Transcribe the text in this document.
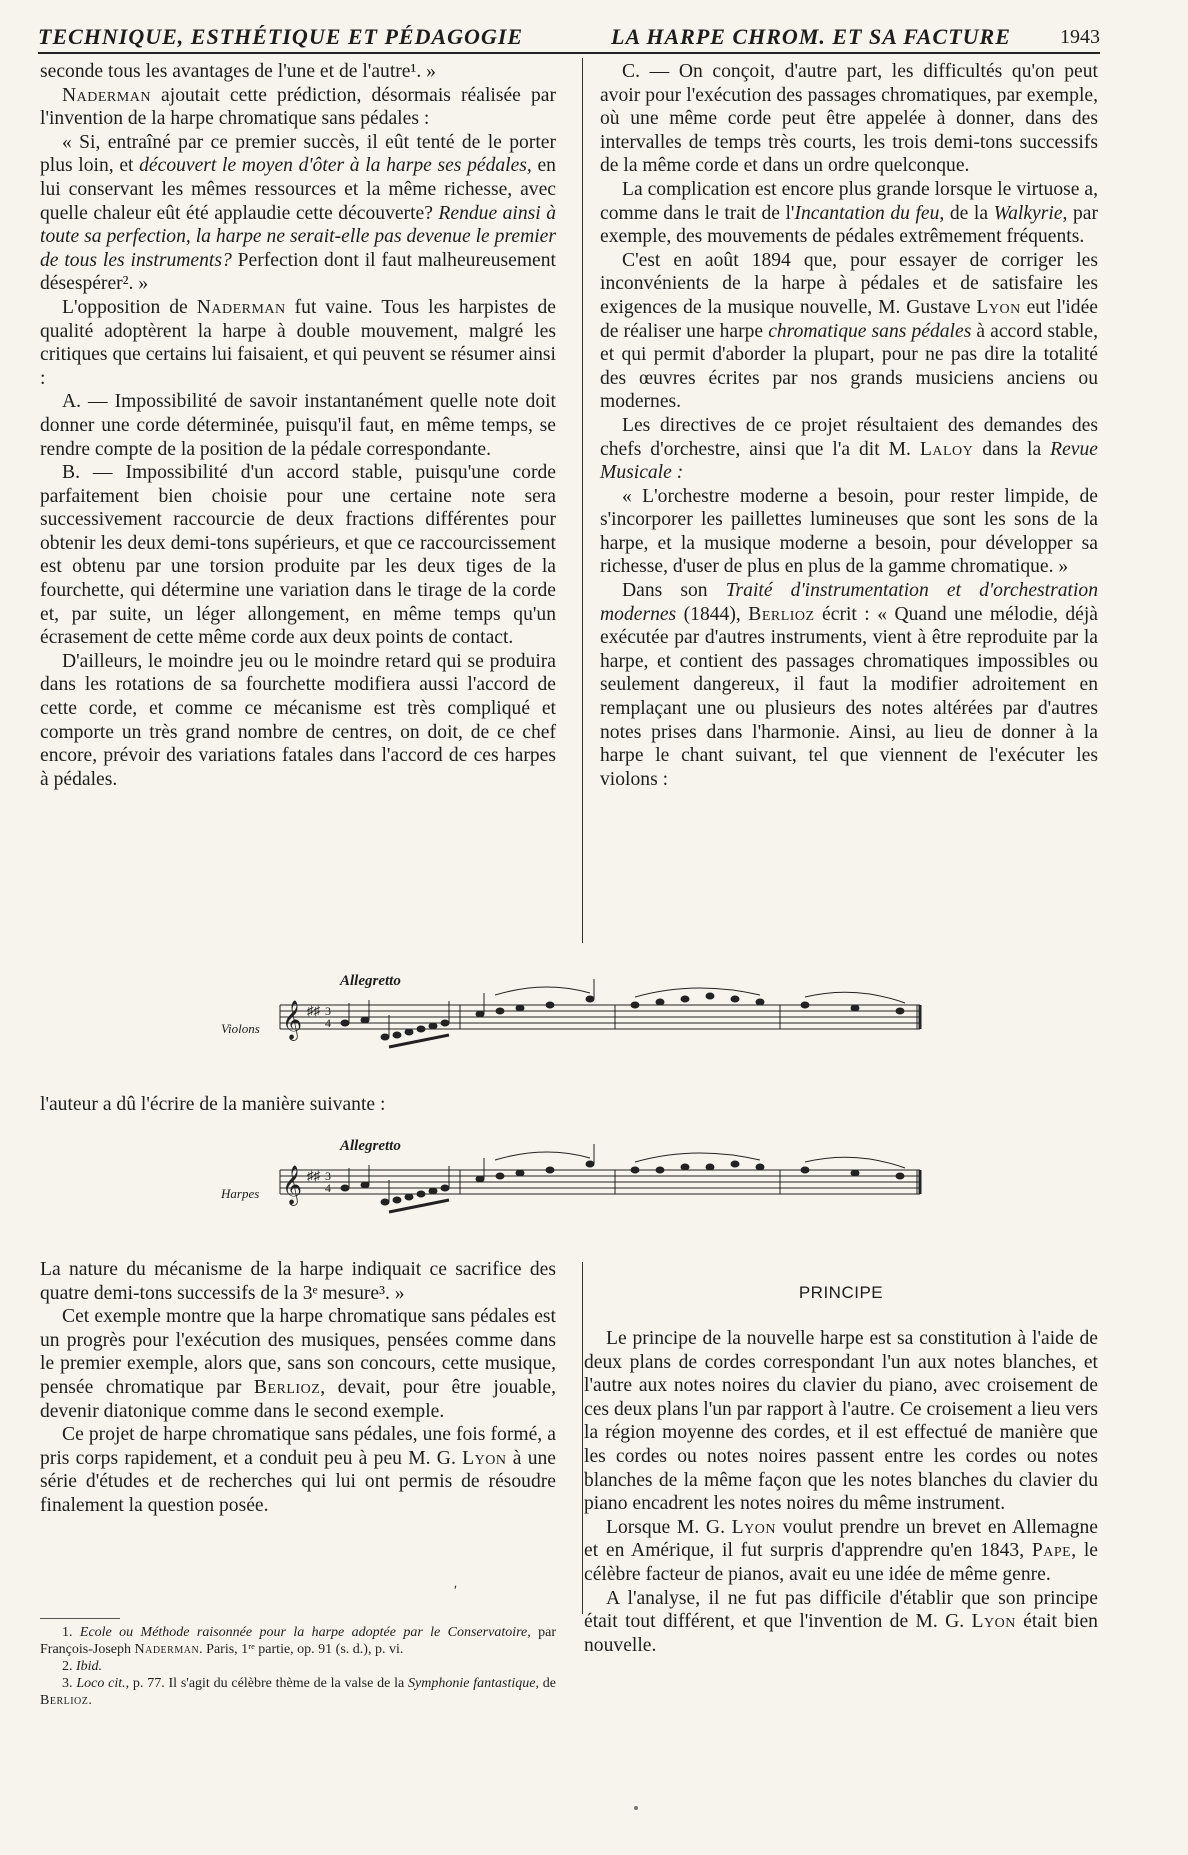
TECHNIQUE, ESTHÉTIQUE ET PÉDAGOGIE	LA HARPE CHROM. ET SA FACTURE 1943

seconde tous les avantages de l'une et de l'autre¹. »

Naderman ajoutait cette prédiction, désormais réalisée par l'invention de la harpe chromatique sans pédales :

« Si, entraîné par ce premier succès, il eût tenté de le porter plus loin, et découvert le moyen d'ôter à la harpe ses pédales, en lui conservant les mêmes ressources et la même richesse, avec quelle chaleur eût été applaudie cette découverte? Rendue ainsi à toute sa perfection, la harpe ne serait-elle pas devenue le premier de tous les instruments? Perfection dont il faut malheureusement désespérer². »

L'opposition de Naderman fut vaine. Tous les harpistes de qualité adoptèrent la harpe à double mouvement, malgré les critiques que certains lui faisaient, et qui peuvent se résumer ainsi :

A. — Impossibilité de savoir instantanément quelle note doit donner une corde déterminée, puisqu'il faut, en même temps, se rendre compte de la position de la pédale correspondante.

B. — Impossibilité d'un accord stable, puisqu'une corde parfaitement bien choisie pour une certaine note sera successivement raccourcie de deux fractions différentes pour obtenir les deux demi-tons supérieurs, et que ce raccourcissement est obtenu par une torsion produite par les deux tiges de la fourchette, qui détermine une variation dans le tirage de la corde et, par suite, un léger allongement, en même temps qu'un écrasement de cette même corde aux deux points de contact.

D'ailleurs, le moindre jeu ou le moindre retard qui se produira dans les rotations de sa fourchette modifiera aussi l'accord de cette corde, et comme ce mécanisme est très compliqué et comporte un très grand nombre de centres, on doit, de ce chef encore, prévoir des variations fatales dans l'accord de ces harpes à pédales.

C. — On conçoit, d'autre part, les difficultés qu'on peut avoir pour l'exécution des passages chromatiques, par exemple, où une même corde peut être appelée à donner, dans des intervalles de temps très courts, les trois demi-tons successifs de la même corde et dans un ordre quelconque.

La complication est encore plus grande lorsque le virtuose a, comme dans le trait de l'Incantation du feu, de la Walkyrie, par exemple, des mouvements de pédales extrêmement fréquents.

C'est en août 1894 que, pour essayer de corriger les inconvénients de la harpe à pédales et de satisfaire les exigences de la musique nouvelle, M. Gustave Lyon eut l'idée de réaliser une harpe chromatique sans pédales à accord stable, et qui permit d'aborder la plupart, pour ne pas dire la totalité des œuvres écrites par nos grands musiciens anciens ou modernes.

Les directives de ce projet résultaient des demandes des chefs d'orchestre, ainsi que l'a dit M. Laloy dans la Revue Musicale :

« L'orchestre moderne a besoin, pour rester limpide, de s'incorporer les paillettes lumineuses que sont les sons de la harpe, et la musique moderne a besoin, pour développer sa richesse, d'user de plus en plus de la gamme chromatique. »

Dans son Traité d'instrumentation et d'orchestration modernes (1844), Berlioz écrit : « Quand une mélodie, déjà exécutée par d'autres instruments, vient à être reproduite par la harpe, et contient des passages chromatiques impossibles ou seulement dangereux, il faut la modifier adroitement en remplaçant une ou plusieurs des notes altérées par d'autres notes prises dans l'harmonie. Ainsi, au lieu de donner à la harpe le chant suivant, tel que viennent de l'exécuter les violons :

Allegretto
Violons 𝄞 ♯♯ 3
4
l'auteur a dû l'écrire de la manière suivante :
Allegretto
Harpes 𝄞 ♯♯ 3
4

La nature du mécanisme de la harpe indiquait ce sacrifice des quatre demi-tons successifs de la 3ᵉ mesure³. »

Cet exemple montre que la harpe chromatique sans pédales est un progrès pour l'exécution des musiques, pensées comme dans le premier exemple, alors que, sans son concours, cette musique, pensée chromatique par Berlioz, devait, pour être jouable, devenir diatonique comme dans le second exemple.

Ce projet de harpe chromatique sans pédales, une fois formé, a pris corps rapidement, et a conduit peu à peu M. G. Lyon à une série d'études et de recherches qui lui ont permis de résoudre finalement la question posée.

ʹ

1. Ecole ou Méthode raisonnée pour la harpe adoptée par le Conservatoire, par François-Joseph Naderman. Paris, 1ʳᵉ partie, op. 91 (s. d.), p. vi.

2. Ibid.

3. Loco cit., p. 77. Il s'agit du célèbre thème de la valse de la Symphonie fantastique, de Berlioz.

PRINCIPE

Le principe de la nouvelle harpe est sa constitution à l'aide de deux plans de cordes correspondant l'un aux notes blanches, et l'autre aux notes noires du clavier du piano, avec croisement de ces deux plans l'un par rapport à l'autre. Ce croisement a lieu vers la région moyenne des cordes, et il est effectué de manière que les cordes ou notes noires passent entre les cordes ou notes blanches de la même façon que les notes blanches du clavier du piano encadrent les notes noires du même instrument.

Lorsque M. G. Lyon voulut prendre un brevet en Allemagne et en Amérique, il fut surpris d'apprendre qu'en 1843, Pape, le célèbre facteur de pianos, avait eu une idée de même genre.

A l'analyse, il ne fut pas difficile d'établir que son principe était tout différent, et que l'invention de M. G. Lyon était bien nouvelle.
